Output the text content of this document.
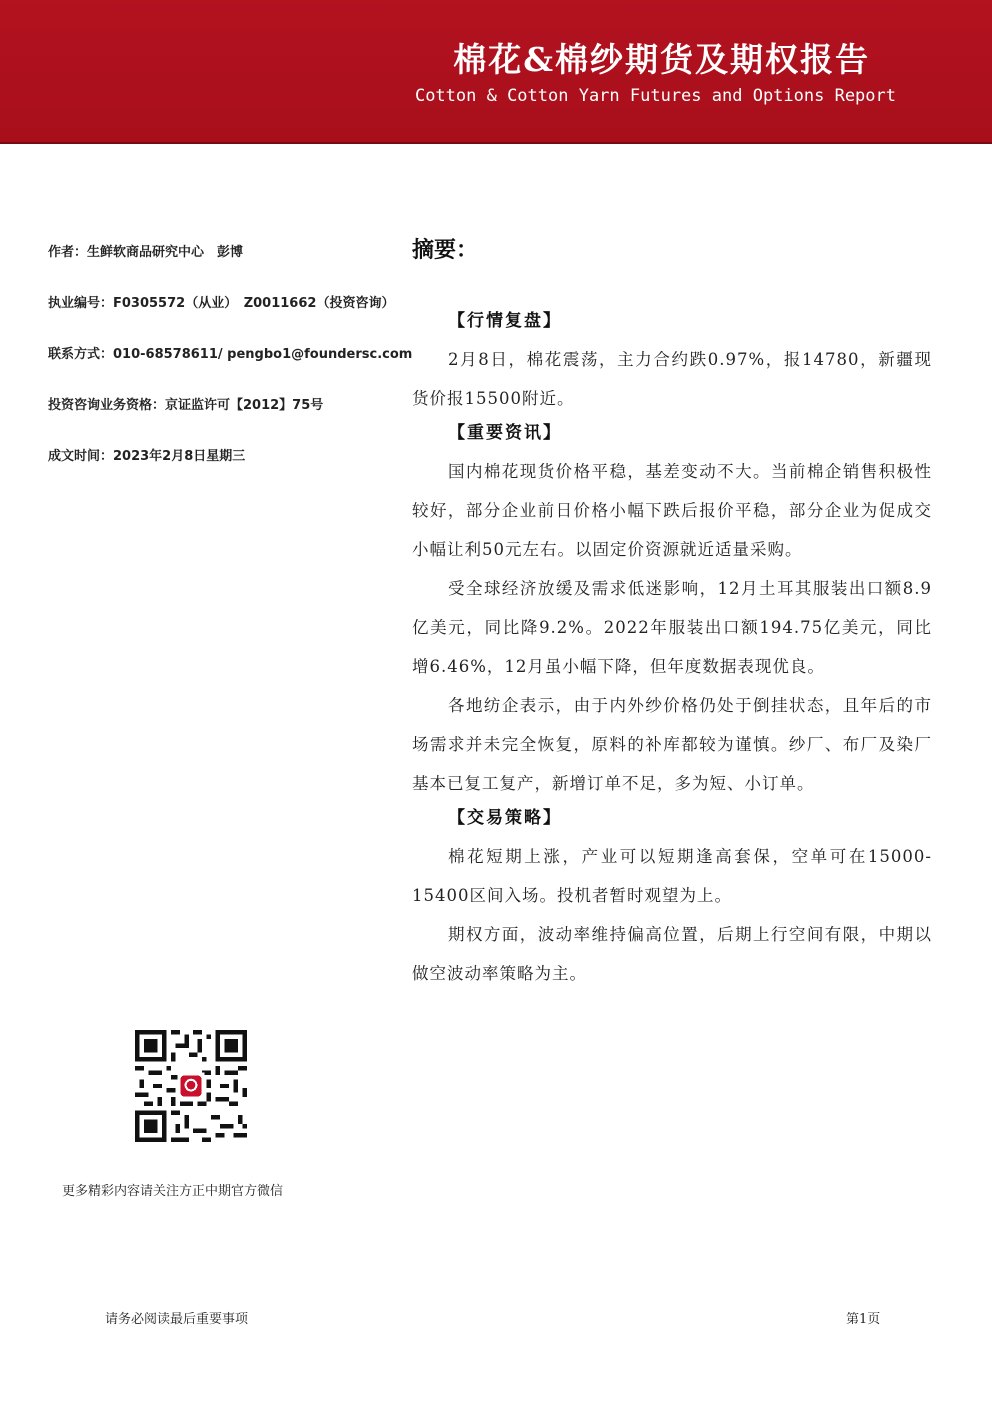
棉花&棉纱期货及期权报告
Cotton & Cotton Yarn Futures and Options Report
作者：生鲜软商品研究中心　彭博
执业编号：F0305572（从业）　Z0011662（投资咨询）
联系方式：010-68578611/ pengbo1@foundersc.com
投资咨询业务资格：京证监许可【2012】75号
成文时间：2023年2月8日星期三
更多精彩内容请关注方正中期官方微信
摘要：
【行情复盘】

2月8日，棉花震荡，主力合约跌0.97%，报14780，新疆现货价报15500附近。

【重要资讯】

国内棉花现货价格平稳，基差变动不大。当前棉企销售积极性较好，部分企业前日价格小幅下跌后报价平稳，部分企业为促成交小幅让利50元左右。以固定价资源就近适量采购。

受全球经济放缓及需求低迷影响，12月土耳其服装出口额8.9亿美元，同比降9.2%。2022年服装出口额194.75亿美元，同比增6.46%，12月虽小幅下降，但年度数据表现优良。

各地纺企表示，由于内外纱价格仍处于倒挂状态，且年后的市场需求并未完全恢复，原料的补库都较为谨慎。纱厂、布厂及染厂基本已复工复产，新增订单不足，多为短、小订单。

【交易策略】

棉花短期上涨，产业可以短期逢高套保，空单可在15000-15400区间入场。投机者暂时观望为上。

期权方面，波动率维持偏高位置，后期上行空间有限，中期以做空波动率策略为主。

请务必阅读最后重要事项	第1页
